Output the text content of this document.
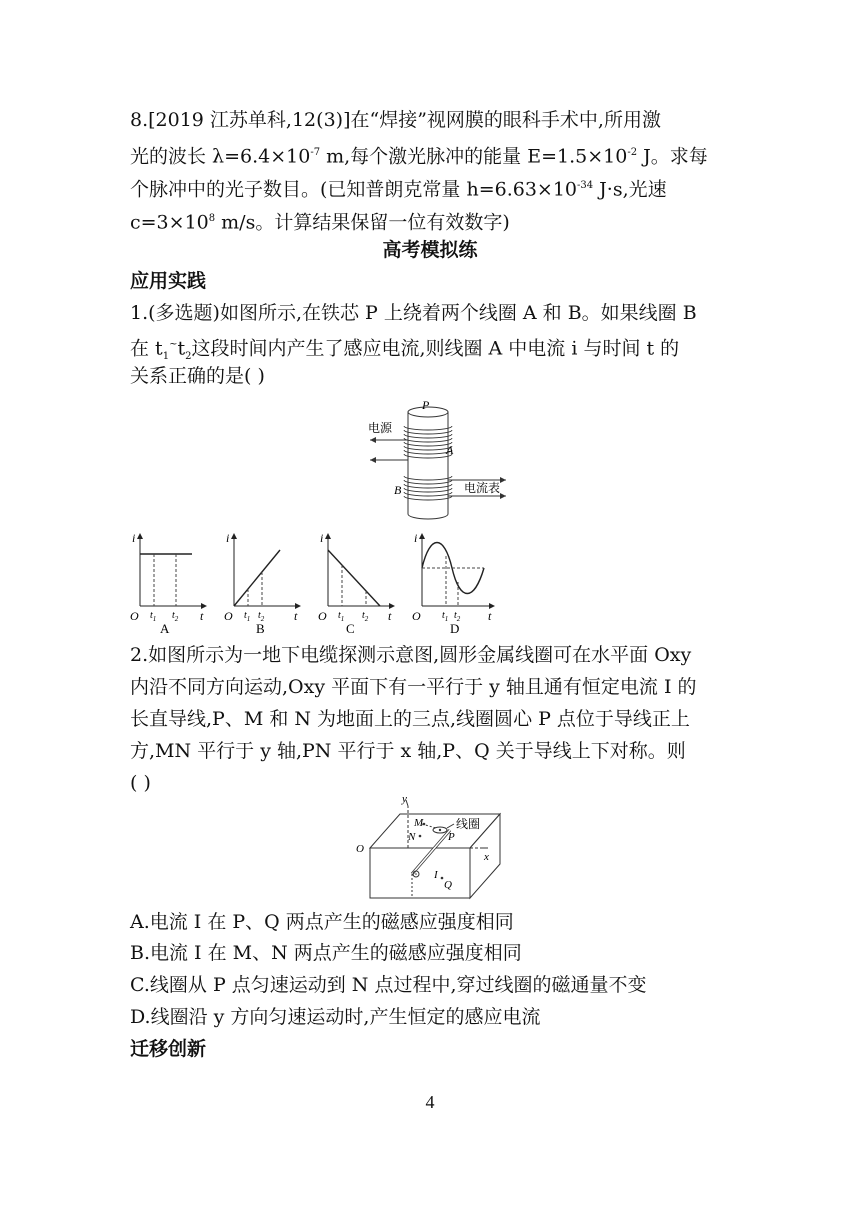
8.[2019 江苏单科,12(3)]在“焊接”视网膜的眼科手术中,所用激
光的波长 $\lambda=6.4\times 10^{-7}$ m,每个激光脉冲的能量 $E=1.5\times 10^{-2}$ J。求每
个脉冲中的光子数目。(已知普朗克常量 $h=6.63\times 10^{-34}$ J·s,光速
$c=3\times 10^8$ m/s。计算结果保留一位有效数字)
高考模拟练
应用实践
1.(多选题)如图所示,在铁芯 P 上绕着两个线圈 A 和 B。如果线圈 B
在 $t_1^\sim t_2$这段时间内产生了感应电流,则线圈 A 中电流 i 与时间 t 的
关系正确的是( )
P
电源
A
B	电流表
i
O	t
$t_1$ $t_2$
A
i
O	t
$t_1$ $t_2$
B
i
O	t
$t_1$ $t_2$
C
i
O	t
$t_1$ $t_2$
D
2.如图所示为一地下电缆探测示意图,圆形金属线圈可在水平面 Oxy
内沿不同方向运动,Oxy 平面下有一平行于 y 轴且通有恒定电流 I 的
长直导线,P、M 和 N 为地面上的三点,线圈圆心 P 点位于导线正上
方,MN 平行于 y 轴,PN 平行于 x 轴,P、Q 关于导线上下对称。则
( )
y
x
O
M
N	P
Q
I
线圈
A.电流 I 在 P、Q 两点产生的磁感应强度相同
B.电流 I 在 M、N 两点产生的磁感应强度相同
C.线圈从 P 点匀速运动到 N 点过程中,穿过线圈的磁通量不变
D.线圈沿 y 方向匀速运动时,产生恒定的感应电流
迁移创新
4
